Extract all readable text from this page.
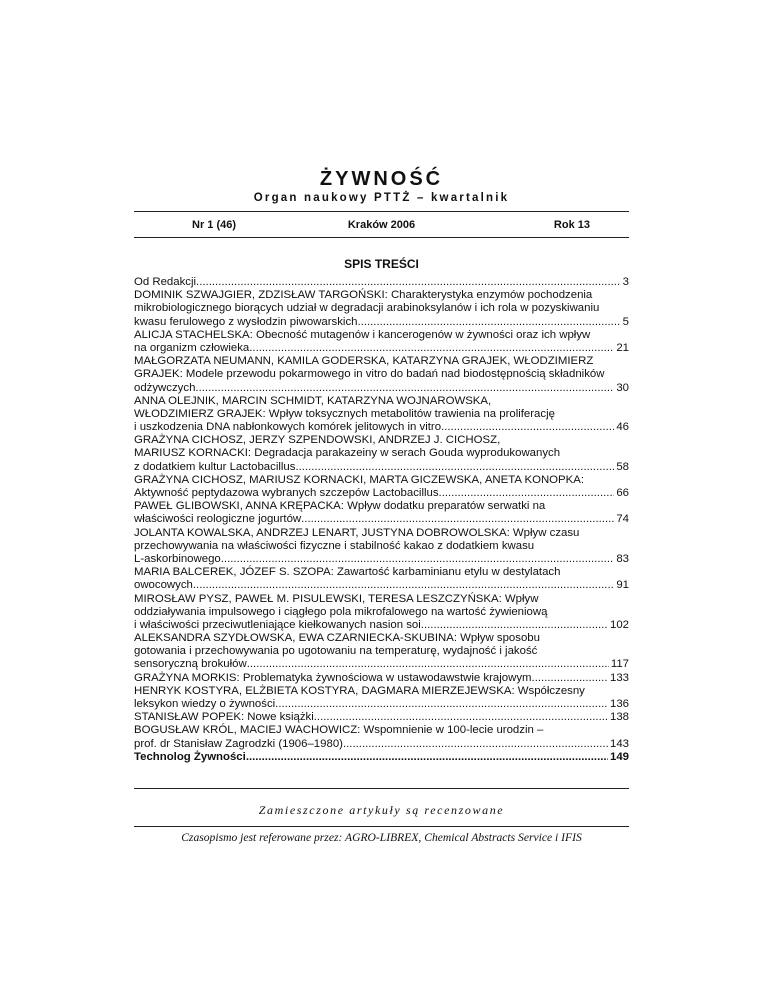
ŻYWNOŚĆ
Organ naukowy PTTŻ – kwartalnik
Nr 1 (46)	Kraków 2006	Rok 13
SPIS TREŚCI
Od Redakcji .....	3
DOMINIK SZWAJGIER, ZDZISŁAW TARGOŃSKI: Charakterystyka enzymów pochodzenia
mikrobiologicznego biorących udział w degradacji arabinoksylanów i ich rola w pozyskiwaniu
kwasu ferulowego z wysłodzin piwowarskich .....	5
ALICJA STACHELSKA: Obecność mutagenów i kancerogenów w żywności oraz ich wpływ
na organizm człowieka .....	21
MAŁGORZATA NEUMANN, KAMILA GODERSKA, KATARZYNA GRAJEK, WŁODZIMIERZ
GRAJEK: Modele przewodu pokarmowego in vitro do badań nad biodostępnością składników
odżywczych .....	30
ANNA OLEJNIK, MARCIN SCHMIDT, KATARZYNA WOJNAROWSKA,
WŁODZIMIERZ GRAJEK: Wpływ toksycznych metabolitów trawienia na proliferację
i uszkodzenia DNA nabłonkowych komórek jelitowych in vitro .....	46
GRAŻYNA CICHOSZ, JERZY SZPENDOWSKI, ANDRZEJ J. CICHOSZ,
MARIUSZ KORNACKI: Degradacja parakazeiny w serach Gouda wyprodukowanych
z dodatkiem kultur Lactobacillus .....	58
GRAŻYNA CICHOSZ, MARIUSZ KORNACKI, MARTA GICZEWSKA, ANETA KONOPKA:
Aktywność peptydazowa wybranych szczepów Lactobacillus .....	66
PAWEŁ GLIBOWSKI, ANNA KRĘPACKA: Wpływ dodatku preparatów serwatki na
właściwości reologiczne jogurtów .....	74
JOLANTA KOWALSKA, ANDRZEJ LENART, JUSTYNA DOBROWOLSKA: Wpływ czasu
przechowywania na właściwości fizyczne i stabilność kakao z dodatkiem kwasu
L-askorbinowego .....	83
MARIA BALCEREK, JÓZEF S. SZOPA: Zawartość karbaminianu etylu w destylatach
owocowych .....	91
MIROSŁAW PYSZ, PAWEŁ M. PISULEWSKI, TERESA LESZCZYŃSKA: Wpływ
oddziaływania impulsowego i ciągłego pola mikrofalowego na wartość żywieniową
i właściwości przeciwutleniające kiełkowanych nasion soi .....	102
ALEKSANDRA SZYDŁOWSKA, EWA CZARNIECKA-SKUBINA: Wpływ sposobu
gotowania i przechowywania po ugotowaniu na temperaturę, wydajność i jakość
sensoryczną brokułów .....	117
GRAŻYNA MORKIS: Problematyka żywnościowa w ustawodawstwie krajowym .....	133
HENRYK KOSTYRA, ELŻBIETA KOSTYRA, DAGMARA MIERZEJEWSKA: Współczesny
leksykon wiedzy o żywności .....	136
STANISŁAW POPEK: Nowe książki .....	138
BOGUSŁAW KRÓL, MACIEJ WACHOWICZ: Wspomnienie w 100-lecie urodzin –
prof. dr Stanisław Zagrodzki (1906–1980) .....	143
Technolog Żywności .....	149
Zamieszczone artykuły są recenzowane
Czasopismo jest referowane przez: AGRO-LIBREX, Chemical Abstracts Service i IFIS
